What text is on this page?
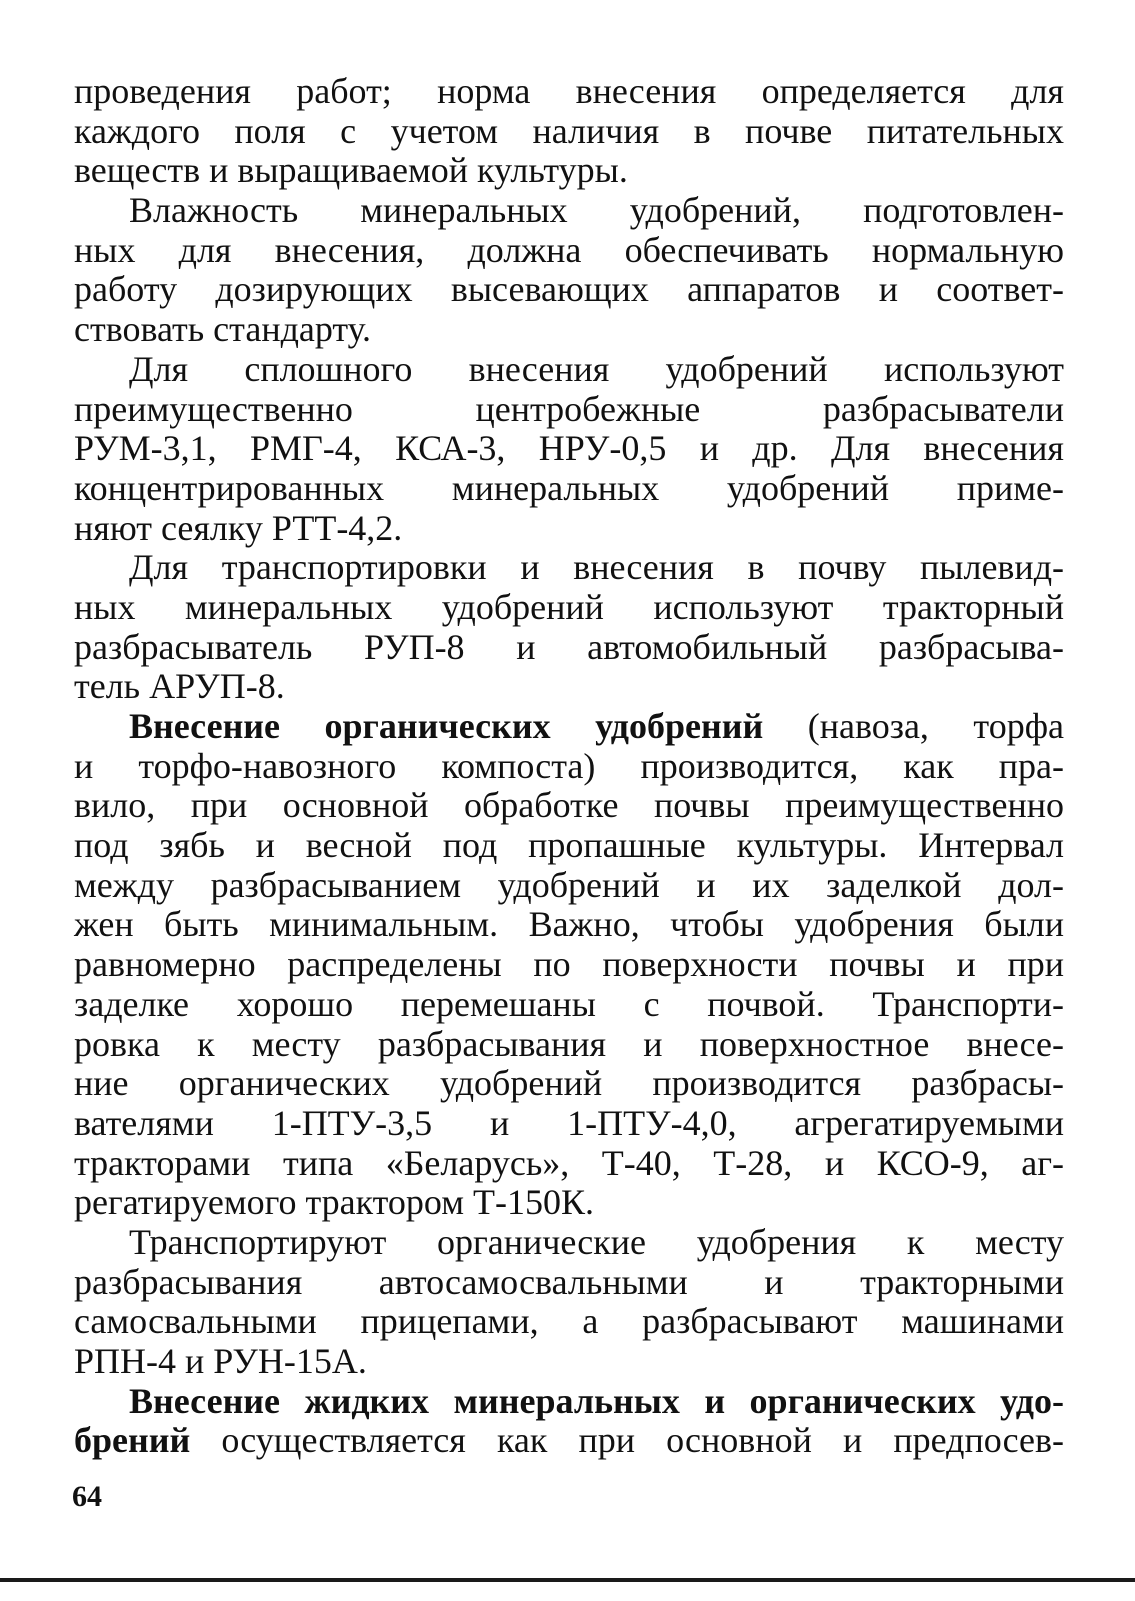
проведения работ; норма внесения определяется для
каждого поля с учетом наличия в почве питательных
веществ и выращиваемой культуры.
Влажность минеральных удобрений, подготовлен-
ных для внесения, должна обеспечивать нормальную
работу дозирующих высевающих аппаратов и соответ-
ствовать стандарту.
Для сплошного внесения удобрений используют
преимущественно центробежные разбрасыватели
РУМ-3,1, РМГ-4, КСА-3, НРУ-0,5 и др. Для внесения
концентрированных минеральных удобрений приме-
няют сеялку РТТ-4,2.
Для транспортировки и внесения в почву пылевид-
ных минеральных удобрений используют тракторный
разбрасыватель РУП-8 и автомобильный разбрасыва-
тель АРУП-8.
Внесение органических удобрений (навоза, торфа
и торфо-навозного компоста) производится, как пра-
вило, при основной обработке почвы преимущественно
под зябь и весной под пропашные культуры. Интервал
между разбрасыванием удобрений и их заделкой дол-
жен быть минимальным. Важно, чтобы удобрения были
равномерно распределены по поверхности почвы и при
заделке хорошо перемешаны с почвой. Транспорти-
ровка к месту разбрасывания и поверхностное внесе-
ние органических удобрений производится разбрасы-
вателями 1-ПТУ-3,5 и 1-ПТУ-4,0, агрегатируемыми
тракторами типа «Беларусь», Т-40, Т-28, и КСО-9, аг-
регатируемого трактором Т-150К.
Транспортируют органические удобрения к месту
разбрасывания автосамосвальными и тракторными
самосвальными прицепами, а разбрасывают машинами
РПН-4 и РУН-15А.
Внесение жидких минеральных и органических удо-
брений осуществляется как при основной и предпосев-
64
